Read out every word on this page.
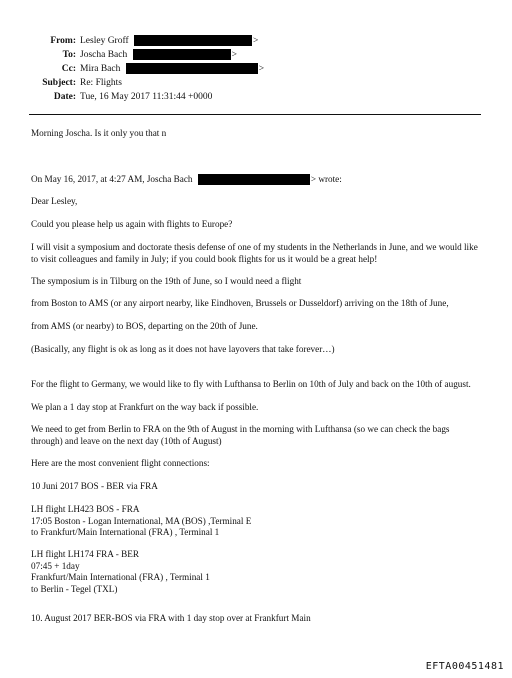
From: Lesley Groff	>
To: Joscha Bach	>
Cc: Mira Bach	>
Subject: Re: Flights
Date: Tue, 16 May 2017 11:31:44 +0000
Morning Joscha. Is it only you that n
On May 16, 2017, at 4:27 AM, Joscha Bach	> wrote:
Dear Lesley,
Could you please help us again with flights to Europe?
I will visit a symposium and doctorate thesis defense of one of my students in the Netherlands in June, and we would like to visit colleagues and family in July; if you could book flights for us it would be a great help!
The symposium is in Tilburg on the 19th of June, so I would need a flight
from Boston to AMS (or any airport nearby, like Eindhoven, Brussels or Dusseldorf) arriving on the 18th of June,
from AMS (or nearby) to BOS, departing on the 20th of June.
(Basically, any flight is ok as long as it does not have layovers that take forever…)
For the flight to Germany, we would like to fly with Lufthansa to Berlin on 10th of July and back on the 10th of august.
We plan a 1 day stop at Frankfurt on the way back if possible.
We need to get from Berlin to FRA on the 9th of August in the morning with Lufthansa (so we can check the bags through) and leave on the next day (10th of August)
Here are the most convenient flight connections:
10 Juni 2017 BOS - BER via FRA
LH flight LH423 BOS - FRA
17:05 Boston - Logan International, MA (BOS) ,Terminal E
to Frankfurt/Main International (FRA) , Terminal 1
LH flight LH174 FRA - BER
07:45 + 1day
Frankfurt/Main International (FRA) , Terminal 1
to Berlin - Tegel (TXL)
10. August 2017 BER-BOS via FRA with 1 day stop over at Frankfurt Main
EFTA00451481
